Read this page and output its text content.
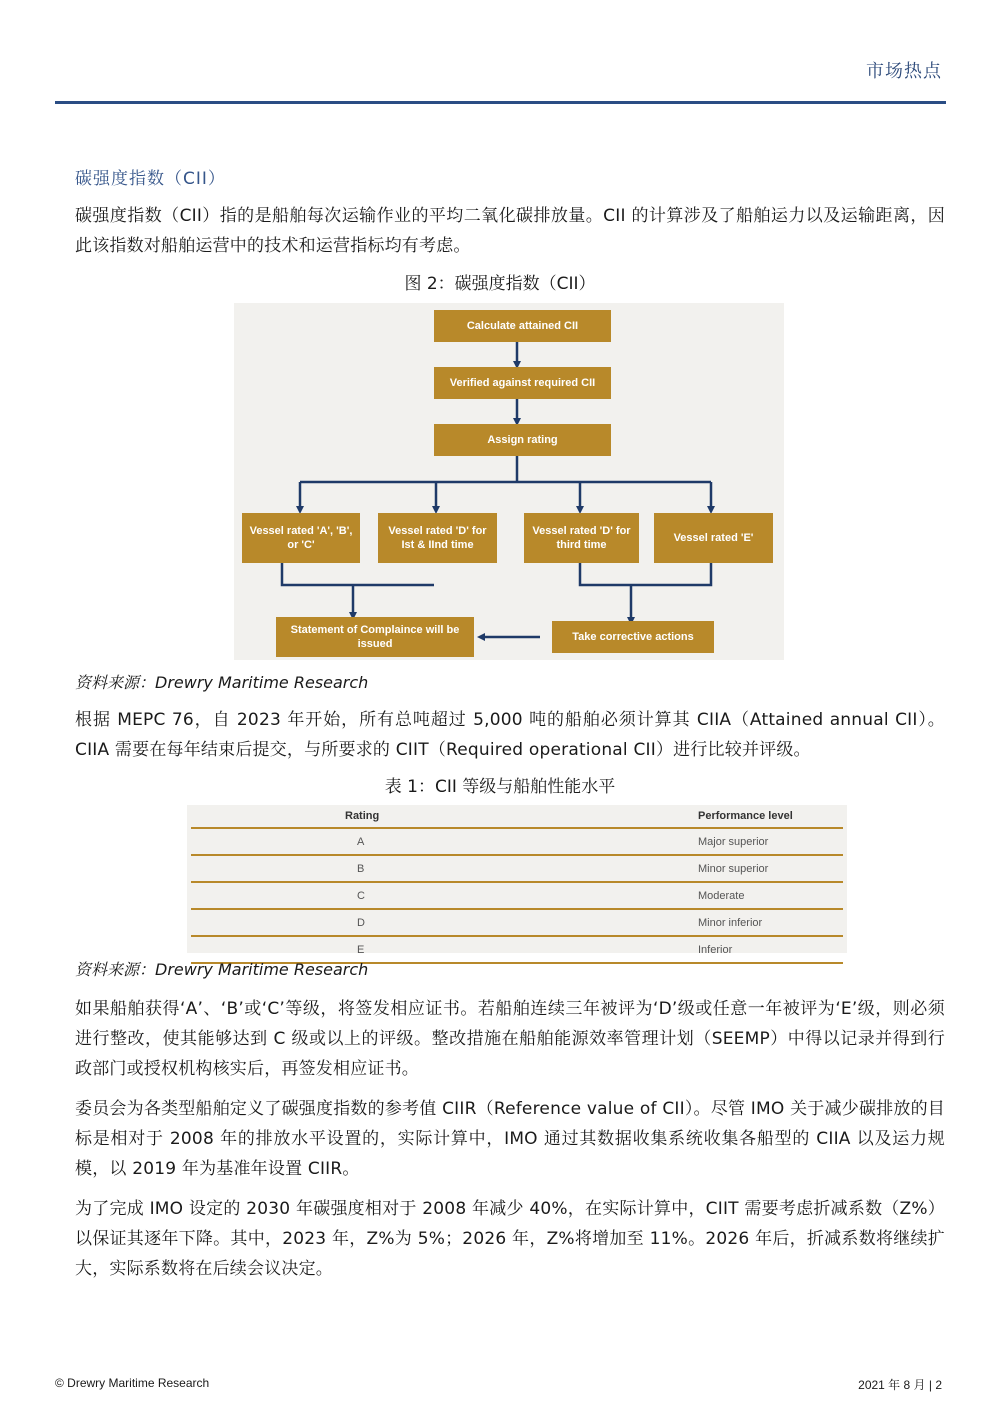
市场热点
碳强度指数（CII）
碳强度指数（CII）指的是船舶每次运输作业的平均二氧化碳排放量。CII 的计算涉及了船舶运力以及运输距离，因此该指数对船舶运营中的技术和运营指标均有考虑。
图 2：碳强度指数（CII）
Calculate attained CII
Verified against required CII
Assign rating
Vessel rated 'A', 'B', or 'C'
Vessel rated 'D' for Ist & IInd time
Vessel rated 'D' for third time
Vessel rated 'E'
Statement of Complaince will be issued
Take corrective actions
资料来源：Drewry Maritime Research
根据 MEPC 76，自 2023 年开始，所有总吨超过 5,000 吨的船舶必须计算其 CIIA（Attained annual CII）。CIIA 需要在每年结束后提交，与所要求的 CIIT（Required operational CII）进行比较并评级。
表 1：CII 等级与船舶性能水平
Rating	Performance level
A	Major superior
B	Minor superior
C	Moderate
D	Minor inferior
E	Inferior
资料来源：Drewry Maritime Research
如果船舶获得‘A’、‘B’或‘C’等级，将签发相应证书。若船舶连续三年被评为‘D’级或任意一年被评为‘E’级，则必须进行整改，使其能够达到 C 级或以上的评级。整改措施在船舶能源效率管理计划（SEEMP）中得以记录并得到行政部门或授权机构核实后，再签发相应证书。
委员会为各类型船舶定义了碳强度指数的参考值 CIIR（Reference value of CII）。尽管 IMO 关于减少碳排放的目标是相对于 2008 年的排放水平设置的，实际计算中，IMO 通过其数据收集系统收集各船型的 CIIA 以及运力规模，以 2019 年为基准年设置 CIIR。
为了完成 IMO 设定的 2030 年碳强度相对于 2008 年减少 40%，在实际计算中，CIIT 需要考虑折减系数（Z%）以保证其逐年下降。其中，2023 年，Z%为 5%；2026 年，Z%将增加至 11%。2026 年后，折减系数将继续扩大，实际系数将在后续会议决定。
© Drewry Maritime Research	2021 年 8 月 | 2
